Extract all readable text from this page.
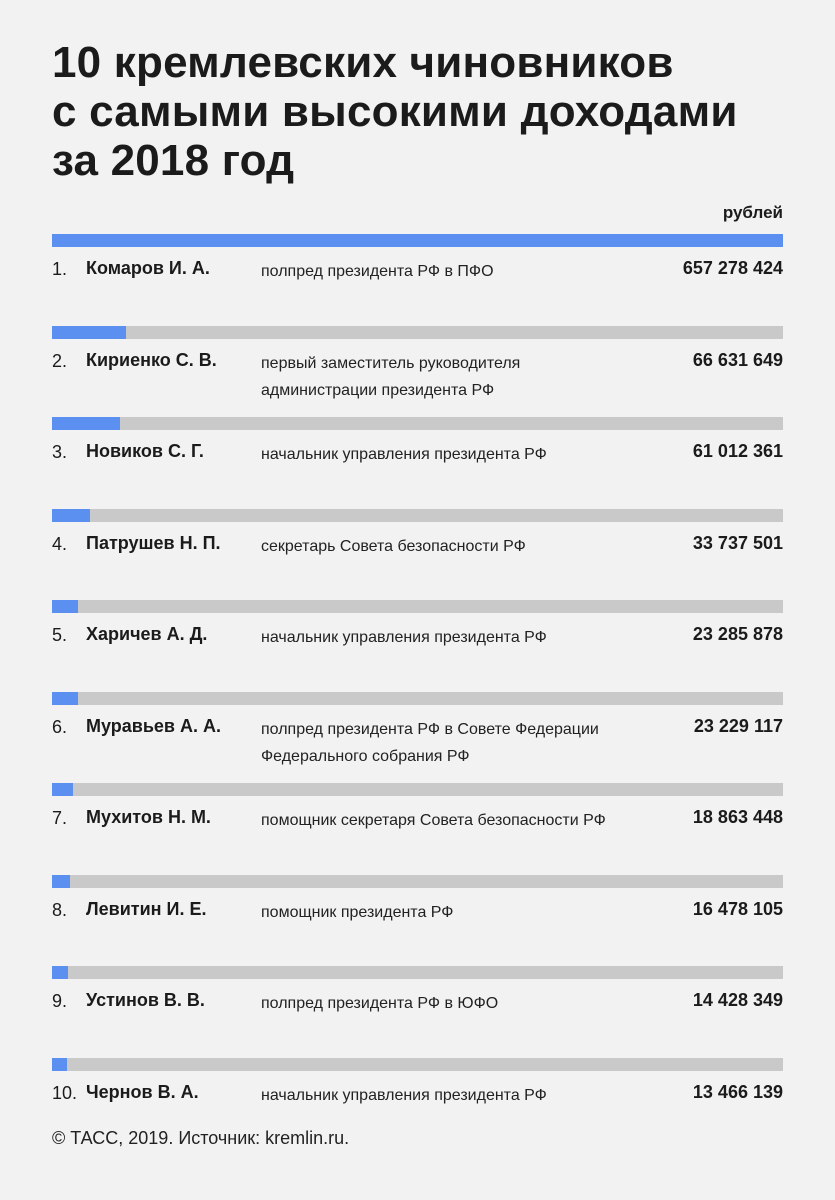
10 кремлевских чиновников
с самыми высокими доходами
за 2018 год
рублей
1. Комаров И. А.	полпред президента РФ в ПФО	657 278 424
2. Кириенко С. В.	первый заместитель руководителя
администрации президента РФ
66 631 649
3. Новиков С. Г.	начальник управления президента РФ	61 012 361
4. Патрушев Н. П.	секретарь Совета безопасности РФ	33 737 501
5. Харичев А. Д.	начальник управления президента РФ	23 285 878
6. Муравьев А. А.	полпред президента РФ в Совете Федерации
Федерального собрания РФ
23 229 117
7. Мухитов Н. М.	помощник секретаря Совета безопасности РФ	18 863 448
8. Левитин И. Е.	помощник президента РФ	16 478 105
9. Устинов В. В.	полпред президента РФ в ЮФО	14 428 349
10. Чернов В. А.	начальник управления президента РФ	13 466 139
© ТАСС, 2019. Источник: kremlin.ru.
